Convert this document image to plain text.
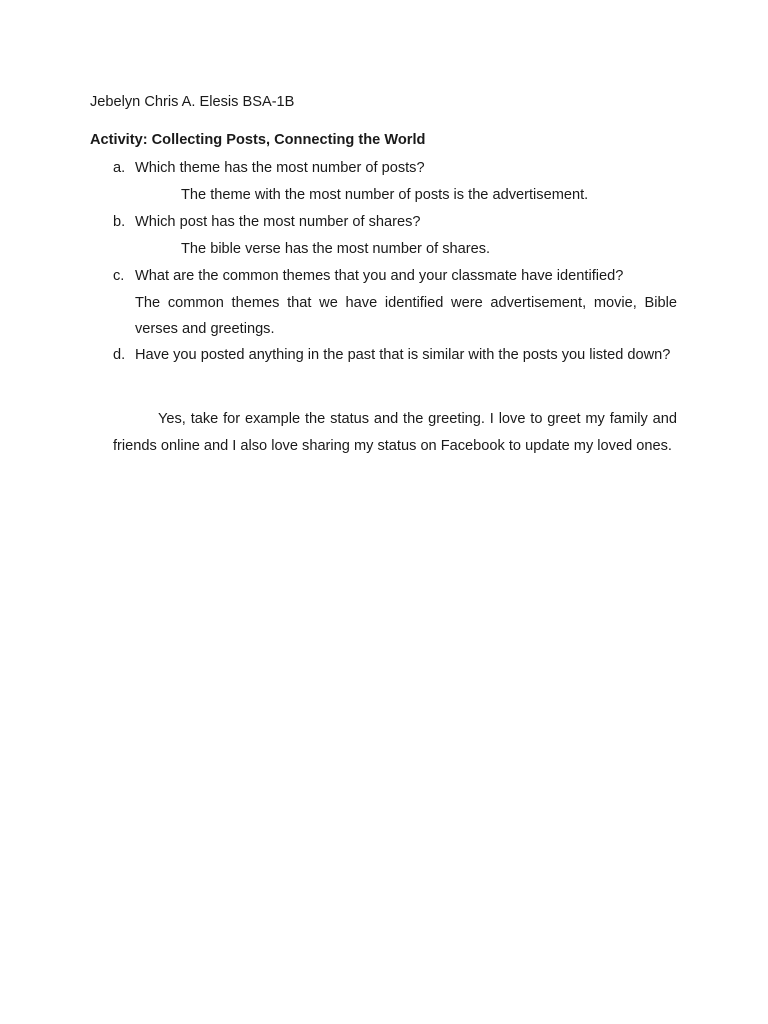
Jebelyn Chris A. Elesis BSA-1B
Activity: Collecting Posts, Connecting the World
a. Which theme has the most number of posts?
The theme with the most number of posts is the advertisement.
b. Which post has the most number of shares?
The bible verse has the most number of shares.
c. What are the common themes that you and your classmate have identified?
The common themes that we have identified were advertisement, movie, Bible verses and greetings.
d. Have you posted anything in the past that is similar with the posts you listed down?
Yes, take for example the status and the greeting. I love to greet my family and friends online and I also love sharing my status on Facebook to update my loved ones.
